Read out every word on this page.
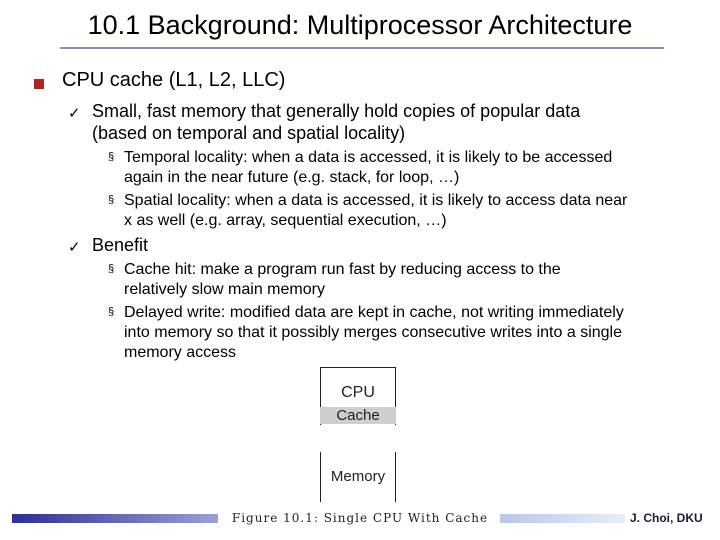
10.1 Background: Multiprocessor Architecture
CPU cache (L1, L2, LLC)
✓ Small, fast memory that generally hold copies of popular data
(based on temporal and spatial locality)
§ Temporal locality: when a data is accessed, it is likely to be accessed
again in the near future (e.g. stack, for loop, …)
§ Spatial locality: when a data is accessed, it is likely to access data near
x as well (e.g. array, sequential execution, …)
✓ Benefit
§ Cache hit: make a program run fast by reducing access to the
relatively slow main memory
§ Delayed write: modified data are kept in cache, not writing immediately
into memory so that it possibly merges consecutive writes into a single
memory access
CPU
Cache
Memory
Figure 10.1: Single CPU With Cache	J. Choi, DKU
